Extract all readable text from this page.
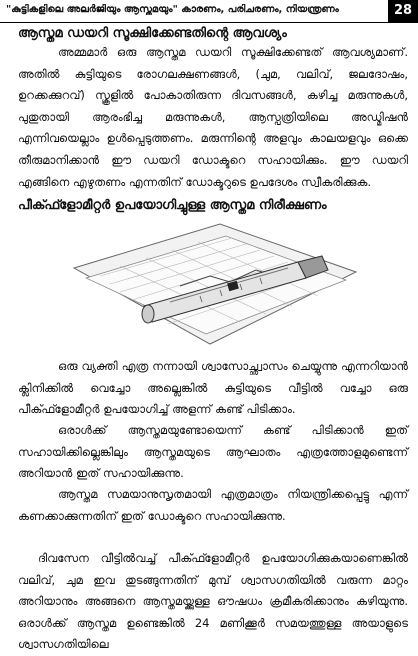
"കുട്ടികളിലെ അലർജിയും ആസ്തമയും" കാരണം, പരിചരണം, നിയന്ത്രണം	28
ആസ്തമ ഡയറി സൂക്ഷിക്കേണ്ടതിന്റെ ആവശ്യം
അമ്മമാർ ഒരു ആസ്തമ ഡയറി സൂക്ഷിക്കേണ്ടത് ആവശ്യമാണ്. അതിൽ കുട്ടിയുടെ രോഗലക്ഷണങ്ങൾ, (ചുമ, വലിവ്, ജലദോഷം, ഉറക്കക്കുറവ്) സ്കൂളിൽ പോകാതിരുന്ന ദിവസങ്ങൾ, കഴിച്ച മരുന്നുകൾ, പുതുതായി ആരംഭിച്ച മരുന്നുകൾ, ആസ്പത്രിയിലെ അഡ്മിഷൻ എന്നിവയെല്ലാം ഉൾപ്പെടുത്തണം. മരുന്നിന്റെ അളവും കാലയളവും ഒക്കെ തീരുമാനിക്കാൻ ഈ ഡയറി ഡോക്ടറെ സഹായിക്കും. ഈ ഡയറി എങ്ങിനെ എഴുതണം എന്നതിന് ഡോക്ടറുടെ ഉപദേശം സ്വീകരിക്കുക.
പീക്ഫ്ളോമീറ്റർ ഉപയോഗിച്ചുള്ള ആസ്തമ നിരീക്ഷണം
ഒരു വ്യക്തി എത്ര നന്നായി ശ്വാസോച്ഛ്വാസം ചെയ്യുന്നു എന്നറിയാൻ ക്ലിനിക്കിൽ വെച്ചോ അല്ലെങ്കിൽ കുട്ടിയുടെ വീട്ടിൽ വച്ചോ ഒരു പീക്ഫ്ളോമീറ്റർ ഉപയോഗിച്ച് അളന്ന് കണ്ട് പിടിക്കാം.
ഒരാൾക്ക് ആസ്തമയുണ്ടോയെന്ന് കണ്ട് പിടിക്കാൻ ഇത് സഹായിക്കില്ലെങ്കിലും ആസ്തമയുടെ ആഘാതം എത്രത്തോളമുണ്ടെന്ന് അറിയാൻ ഇത് സഹായിക്കുന്നു.
ആസ്തമ സമയാനുസൃതമായി എത്രമാത്രം നിയന്ത്രിക്കപ്പെട്ടു എന്ന് കണക്കാക്കുന്നതിന് ഇത് ഡോക്ടറെ സഹായിക്കുന്നു.
ദിവസേന വീട്ടിൽവച്ച് പീക്ഫ്ളോമീറ്റർ ഉപയോഗിക്കുകയാണെങ്കിൽ വലിവ്, ചുമ ഇവ തുടങ്ങുന്നതിന് മുമ്പ് ശ്വാസഗതിയിൽ വരുന്ന മാറ്റം അറിയാനും അങ്ങനെ ആസ്തമയ്ക്കുള്ള ഔഷധം ക്രമീകരിക്കാനും കഴിയുന്നു. ഒരാൾക്ക് ആസ്തമ ഉണ്ടെങ്കിൽ 24 മണിക്കൂർ സമയത്തുള്ള അയാളുടെ ശ്വാസഗതിയിലെ
